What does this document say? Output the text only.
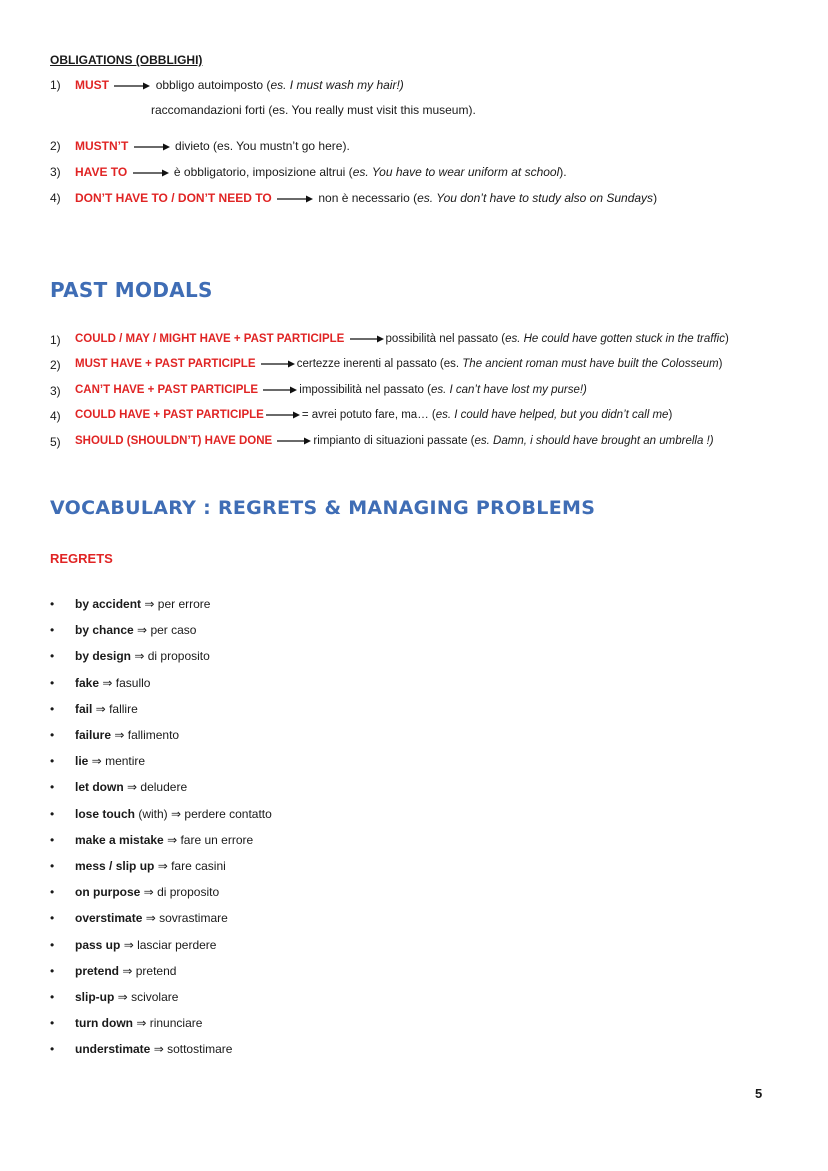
OBLIGATIONS (OBBLIGHI)
1) MUST	obbligo autoimposto (es. I must wash my hair!)
raccomandazioni forti (es. You really must visit this museum).
2) MUSTN’T	divieto (es. You mustn’t go here).
3) HAVE TO	è obbligatorio, imposizione altrui (es. You have to wear uniform at school).
4) DON’T HAVE TO / DON’T NEED TO	non è necessario (es. You don’t have to study also on Sundays)
PAST MODALS
1) COULD / MAY / MIGHT HAVE + PAST PARTICIPLE	possibilità nel passato (es. He could have gotten stuck in the traffic)
2) MUST HAVE + PAST PARTICIPLE	certezze inerenti al passato (es. The ancient roman must have built the Colosseum)
3) CAN’T HAVE + PAST PARTICIPLE	impossibilità nel passato (es. I can’t have lost my purse!)
4) COULD HAVE + PAST PARTICIPLE	= avrei potuto fare, ma… (es. I could have helped, but you didn’t call me)
5) SHOULD (SHOULDN’T) HAVE DONE	rimpianto di situazioni passate (es. Damn, i should have brought an umbrella !)
VOCABULARY : REGRETS & MANAGING PROBLEMS
REGRETS
• by accident ⇒ per errore
• by chance ⇒ per caso
• by design ⇒ di proposito
• fake ⇒ fasullo
• fail ⇒ fallire
• failure ⇒ fallimento
• lie ⇒ mentire
• let down ⇒ deludere
• lose touch (with) ⇒ perdere contatto
• make a mistake ⇒ fare un errore
• mess / slip up ⇒ fare casini
• on purpose ⇒ di proposito
• overstimate ⇒ sovrastimare
• pass up ⇒ lasciar perdere
• pretend ⇒ pretend
• slip-up ⇒ scivolare
• turn down ⇒ rinunciare
• understimate ⇒ sottostimare
5
